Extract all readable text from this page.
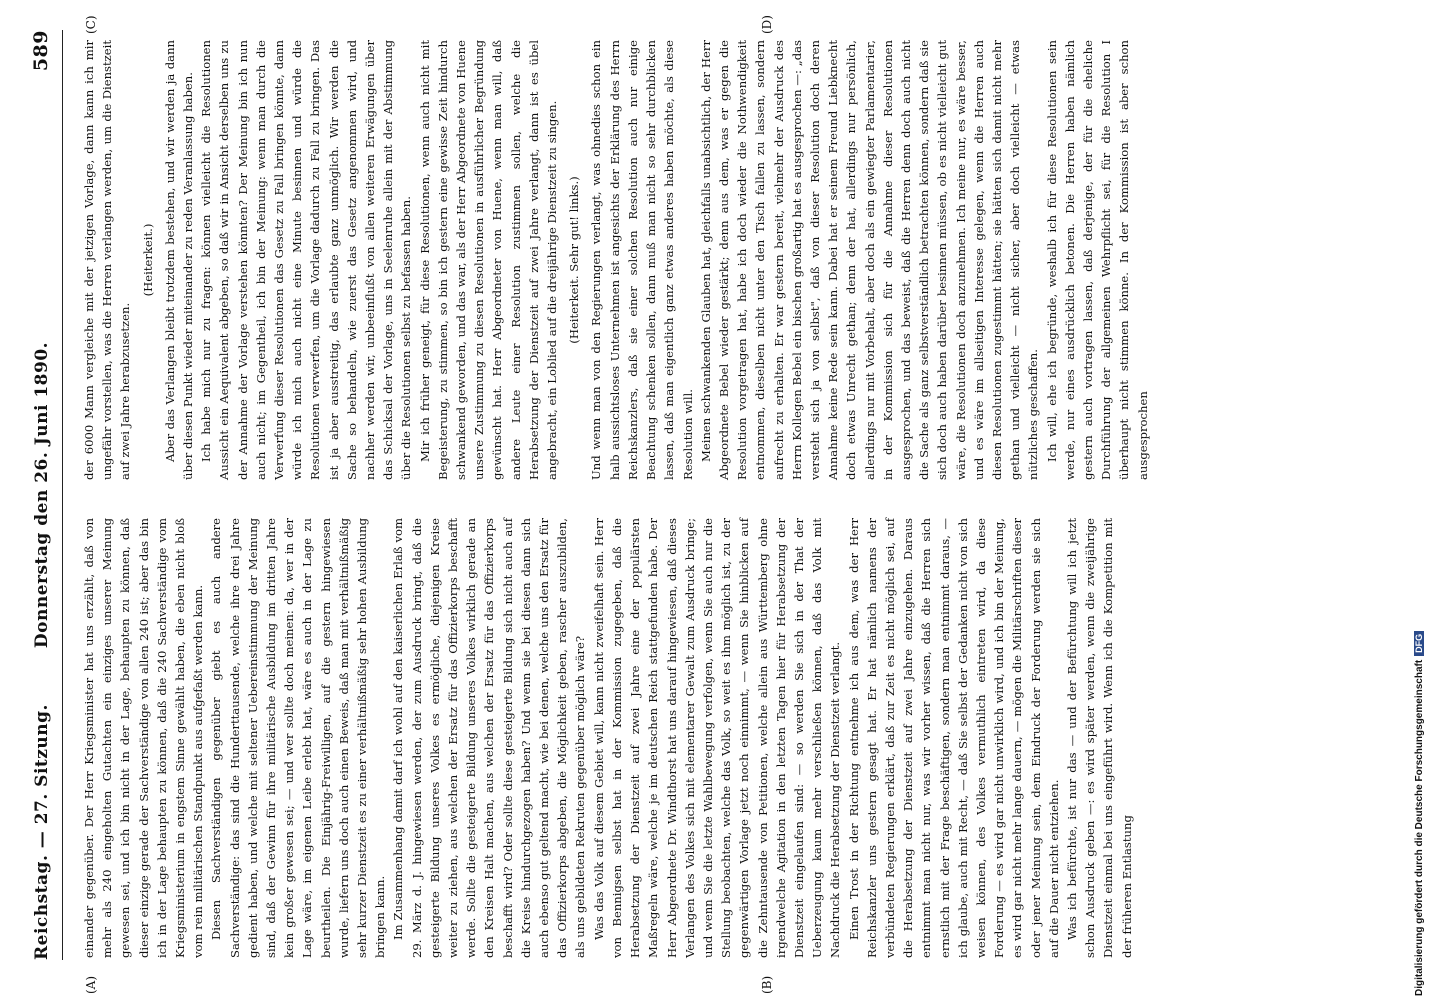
Reichstag. — 27. Sitzung.
Donnerstag den 26. Juni 1890.
589
(A)	(B)
(C)	(D)

einander gegenüber. Der Herr Kriegsminister hat uns erzählt, daß von mehr als 240 eingeholten Gutachten ein einziges unserer Meinung gewesen sei, und ich bin nicht in der Lage, behaupten zu können, daß dieser einzige gerade der Sachverständige von allen 240 ist; aber das bin ich in der Lage behaupten zu können, daß die 240 Sachverständige vom Kriegsministerium in engstem Sinne gewählt haben, die eben nicht bloß vom rein militärischen Standpunkt aus aufgefaßt werden kann. Diesen Sachverständigen gegenüber giebt es auch andere Sachverständige: das sind die Hunderttausende, welche ihre drei Jahre gedient haben, und welche mit seltener Uebereinstimmung der Meinung sind, daß der Gewinn für ihre militärische Ausbildung im dritten Jahre kein großer gewesen sei; — und wer sollte doch meinen: da, wer in der Lage wäre, im eigenen Leibe erlebt hat, wäre es auch in der Lage zu beurtheilen. Die Einjährig-Freiwilligen, auf die gestern hingewiesen wurde, liefern uns doch auch einen Beweis, daß man mit verhältnißmäßig sehr kurzer Dienstzeit es zu einer verhältnißmäßig sehr hohen Ausbildung bringen kann. Im Zusammenhang damit darf ich wohl auf den kaiserlichen Erlaß vom 29. März d. J. hingewiesen werden, der zum Ausdruck bringt, daß die gesteigerte Bildung unseres Volkes es ermögliche, diejenigen Kreise weiter zu ziehen, aus welchen der Ersatz für das Offizierkorps beschafft werde. Sollte die gesteigerte Bildung unseres Volkes wirklich gerade an den Kreisen Halt machen, aus welchen der Ersatz für das Offizierkorps beschafft wird? Oder sollte diese gesteigerte Bildung sich nicht auch auf die Kreise hindurchgezogen haben? Und wenn sie bei diesen dann sich auch ebenso gut geltend macht, wie bei denen, welche uns den Ersatz für das Offizierkorps abgeben, die Möglichkeit geben, rascher auszubilden, als uns gebildeten Rekruten gegenüber möglich wäre? Was das Volk auf diesem Gebiet will, kann nicht zweifelhaft sein. Herr von Bennigsen selbst hat in der Kommission zugegeben, daß die Herabsetzung der Dienstzeit auf zwei Jahre eine der populärsten Maßregeln wäre, welche je im deutschen Reich stattgefunden habe. Der Herr Abgeordnete Dr. Windthorst hat uns darauf hingewiesen, daß dieses Verlangen des Volkes sich mit elementarer Gewalt zum Ausdruck bringe; und wenn Sie die letzte Wahlbewegung verfolgen, wenn Sie auch nur die Stellung beobachten, welche das Volk, so weit es ihm möglich ist, zu der gegenwärtigen Vorlage jetzt noch einnimmt, — wenn Sie hinblicken auf die Zehntausende von Petitionen, welche allein aus Württemberg ohne irgendwelche Agitation in den letzten Tagen hier für Herabsetzung der Dienstzeit eingelaufen sind: — so werden Sie sich in der That der Ueberzeugung kaum mehr verschließen können, daß das Volk mit Nachdruck die Herabsetzung der Dienstzeit verlangt. Einen Trost in der Richtung entnehme ich aus dem, was der Herr Reichskanzler uns gestern gesagt hat. Er hat nämlich namens der verbündeten Regierungen erklärt, daß zur Zeit es nicht möglich sei, auf die Herabsetzung der Dienstzeit auf zwei Jahre einzugehen. Daraus entnimmt man nicht nur, was wir vorher wissen, daß die Herren sich ernstlich mit der Frage beschäftigen, sondern man entnimmt daraus, — ich glaube, auch mit Recht, — daß Sie selbst der Gedanken nicht von sich weisen können, des Volkes vermuthlich eintreten wird, da diese Forderung — es wird gar nicht unwirklich wird, und ich bin der Meinung, es wird gar nicht mehr lange dauern, — mögen die Militärschriften dieser oder jener Meinung sein, dem Eindruck der Forderung werden sie sich auf die Dauer nicht entziehen. Was ich befürchte, ist nur das — und der Befürchtung will ich jetzt schon Ausdruck geben —: es wird später werden, wenn die zweijährige Dienstzeit einmal bei uns eingeführt wird. Wenn ich die Kompetition mit der früheren Entlastung

der 6000 Mann vergleiche mit der jetzigen Vorlage, dann kann ich mir ungefähr vorstellen, was die Herren verlangen werden, um die Dienstzeit auf zwei Jahre herabzusetzen.

(Heiterkeit.) Aber das Verlangen bleibt trotzdem bestehen, und wir werden ja dann über diesen Punkt wieder miteinander zu reden Veranlassung haben. Ich habe mich nur zu fragen: können vielleicht die Resolutionen Aussicht ein Aequivalent abgeben, so daß wir in Ansicht derselben uns zu der Annahme der Vorlage verstehen könnten? Der Meinung bin ich nun auch nicht; im Gegentheil, ich bin der Meinung: wenn man durch die Verwerfung dieser Resolutionen das Gesetz zu Fall bringen könnte, dann würde ich mich auch nicht eine Minute besinnen und würde die Resolutionen verwerfen, um die Vorlage dadurch zu Fall zu bringen. Das ist ja aber ausstreitig, das erlaubte ganz unmöglich. Wir werden die Sache so behandeln, wie zuerst das Gesetz angenommen wird, und nachher werden wir, unbeeinflußt von allen weiteren Erwägungen über das Schicksal der Vorlage, uns in Seelenruhe allein mit der Abstimmung über die Resolutionen selbst zu befassen haben. Mir ich früher geneigt, für diese Resolutionen, wenn auch nicht mit Begeisterung, zu stimmen, so bin ich gestern eine gewisse Zeit hindurch schwankend geworden, und das war, als der Herr Abgeordnete von Huene unsere Zustimmung zu diesen Resolutionen in ausführlicher Begründung gewünscht hat. Herr Abgeordneter von Huene, wenn man will, daß andere Leute einer Resolution zustimmen sollen, welche die Herabsetzung der Dienstzeit auf zwei Jahre verlangt, dann ist es übel angebracht, ein Loblied auf die dreijährige Dienstzeit zu singen. (Heiterkeit. Sehr gut! links.) Und wenn man von den Regierungen verlangt, was ohnedies schon ein halb aussichtsloses Unternehmen ist angesichts der Erklärung des Herrn Reichskanzlers, daß sie einer solchen Resolution auch nur einige Beachtung schenken sollen, dann muß man nicht so sehr durchblicken lassen, daß man eigentlich ganz etwas anderes haben möchte, als diese Resolution will. Meinen schwankenden Glauben hat, gleichfalls unabsichtlich, der Herr Abgeordnete Bebel wieder gestärkt; denn aus dem, was er gegen die Resolution vorgetragen hat, habe ich doch wieder die Nothwendigkeit entnommen, dieselben nicht unter den Tisch fallen zu lassen, sondern aufrecht zu erhalten. Er war gestern bereit, vielmehr der Ausdruck des Herrn Kollegen Bebel ein bischen großartig hat es ausgesprochen —: „das versteht sich ja von selbst", daß von dieser Resolution doch deren Annahme keine Rede sein kann. Dabei hat er seinem Freund Liebknecht doch etwas Unrecht gethan; denn der hat, allerdings nur persönlich, allerdings nur mit Vorbehalt, aber doch als ein gewiegter Parlamentarier, in der Kommission sich für die Annahme dieser Resolutionen ausgesprochen, und das beweist, daß die Herren denn doch auch nicht die Sache als ganz selbstverständlich betrachten können, sondern daß sie sich doch auch haben darüber besinnen müssen, ob es nicht vielleicht gut wäre, die Resolutionen doch anzunehmen. Ich meine nur, es wäre besser, und es wäre im allseitigen Interesse gelegen, wenn die Herren auch diesen Resolutionen zugestimmt hätten; sie hätten sich damit nicht mehr gethan und vielleicht — nicht sicher, aber doch vielleicht — etwas nützliches geschaffen. Ich will, ehe ich begründe, weshalb ich für diese Resolutionen sein werde, nur eines ausdrücklich betonen. Die Herren haben nämlich gestern auch vortragen lassen, daß derjenige, der für die eheliche Durchführung der allgemeinen Wehrpflicht sei, für die Resolution I überhaupt nicht stimmen könne. In der Kommission ist aber schon ausgesprochen

Digitalisierung gefördert durch die Deutsche ForschungsgemeinschaftDFG
